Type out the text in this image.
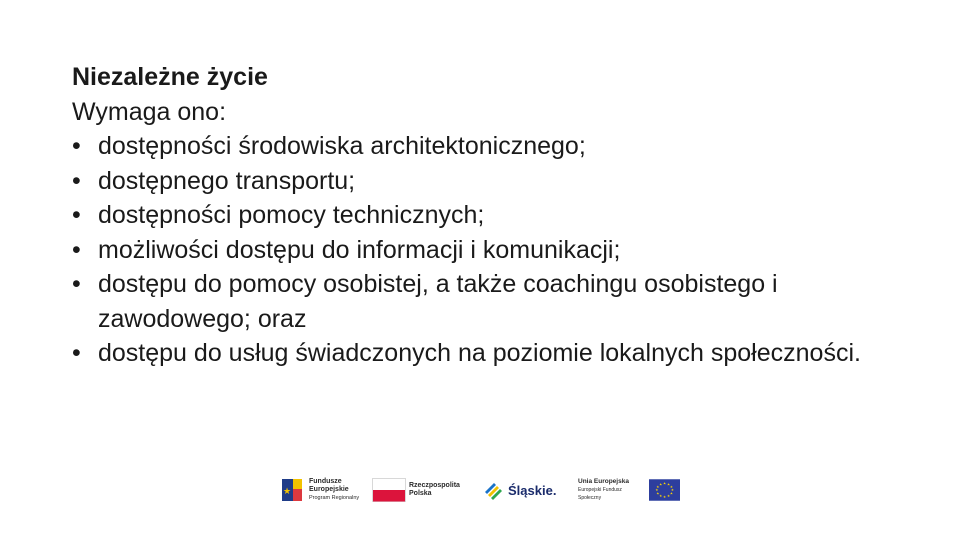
Niezależne życie
Wymaga ono:
• dostępności środowiska architektonicznego;
• dostępnego transportu;
• dostępności pomocy technicznych;
• możliwości dostępu do informacji i komunikacji;
• dostępu do pomocy osobistej, a także coachingu osobistego i zawodowego; oraz
• dostępu do usług świadczonych na poziomie lokalnych społeczności.
★
Fundusze
Europejskie
Program Regionalny
Rzeczpospolita
Polska	Śląskie.
Unia Europejska
Europejski Fundusz Społeczny
★ ★
★
★
★
★
★
★
★
★
★
★
